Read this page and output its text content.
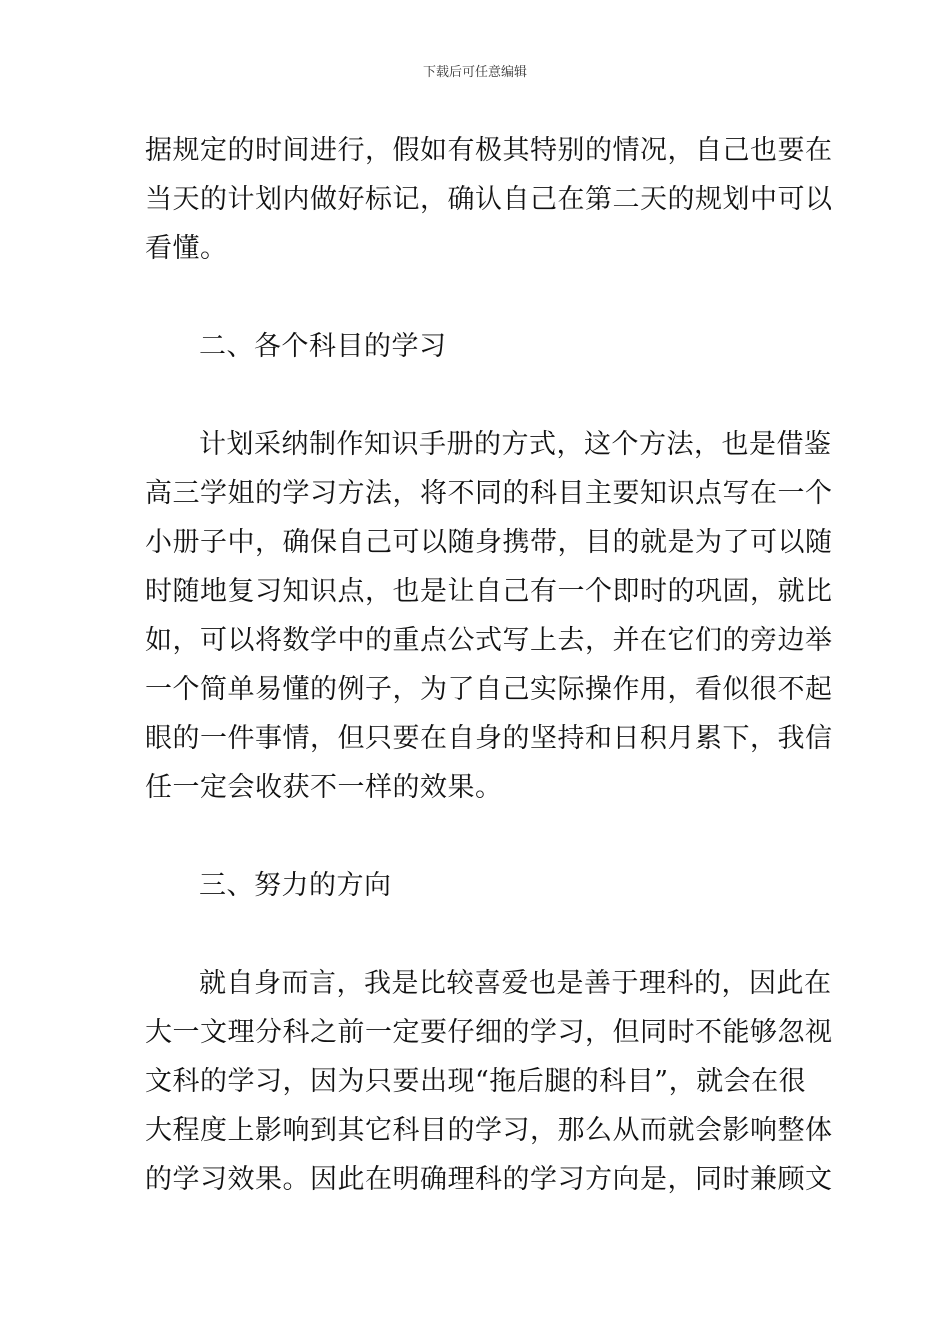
下载后可任意编辑
据规定的时间进行，假如有极其特别的情况，自己也要在
当天的计划内做好标记，确认自己在第二天的规划中可以
看懂。
二、各个科目的学习
计划采纳制作知识手册的方式，这个方法，也是借鉴
高三学姐的学习方法，将不同的科目主要知识点写在一个
小册子中，确保自己可以随身携带，目的就是为了可以随
时随地复习知识点，也是让自己有一个即时的巩固，就比
如，可以将数学中的重点公式写上去，并在它们的旁边举
一个简单易懂的例子，为了自己实际操作用，看似很不起
眼的一件事情，但只要在自身的坚持和日积月累下，我信
任一定会收获不一样的效果。
三、努力的方向
就自身而言，我是比较喜爱也是善于理科的，因此在
大一文理分科之前一定要仔细的学习，但同时不能够忽视
文科的学习，因为只要出现“拖后腿的科目”，就会在很
大程度上影响到其它科目的学习，那么从而就会影响整体
的学习效果。因此在明确理科的学习方向是，同时兼顾文
